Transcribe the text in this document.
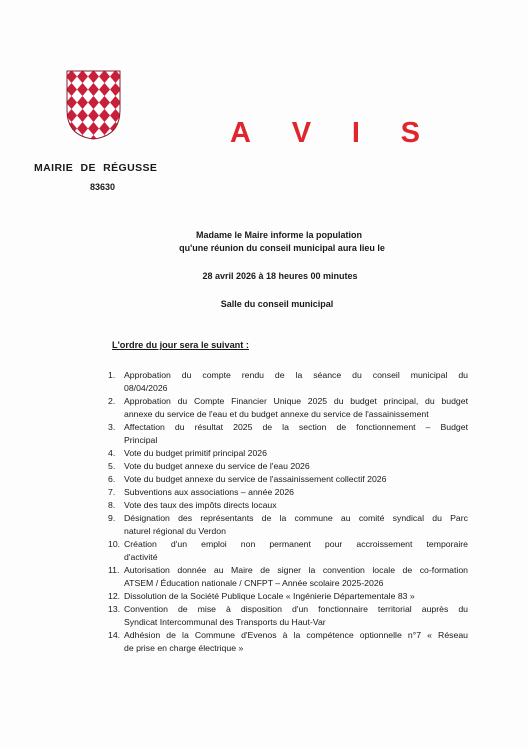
A V I S
MAIRIE DE RÉGUSSE
83630
Madame le Maire informe la population
qu'une réunion du conseil municipal aura lieu le
28 avril 2026 à 18 heures 00 minutes
Salle du conseil municipal
L'ordre du jour sera le suivant :
1.	Approbation du compte rendu de la séance du conseil municipal du
08/04/2026
2.	Approbation du Compte Financier Unique 2025 du budget principal, du budget
annexe du service de l'eau et du budget annexe du service de l'assainissement
3.	Affectation du résultat 2025 de la section de fonctionnement – Budget
Principal
4.	Vote du budget primitif principal 2026
5.	Vote du budget annexe du service de l'eau 2026
6.	Vote du budget annexe du service de l'assainissement collectif 2026
7.	Subventions aux associations – année 2026
8.	Vote des taux des impôts directs locaux
9.	Désignation des représentants de la commune au comité syndical du Parc
naturel régional du Verdon
10. Création d'un emploi non permanent pour accroissement temporaire
d'activité
11. Autorisation donnée au Maire de signer la convention locale de co-formation
ATSEM / Éducation nationale / CNFPT – Année scolaire 2025-2026
12. Dissolution de la Société Publique Locale « Ingénierie Départementale 83 »
13. Convention de mise à disposition d'un fonctionnaire territorial auprès du
Syndicat Intercommunal des Transports du Haut-Var
14. Adhésion de la Commune d'Evenos à la compétence optionnelle n°7 « Réseau
de prise en charge électrique »
